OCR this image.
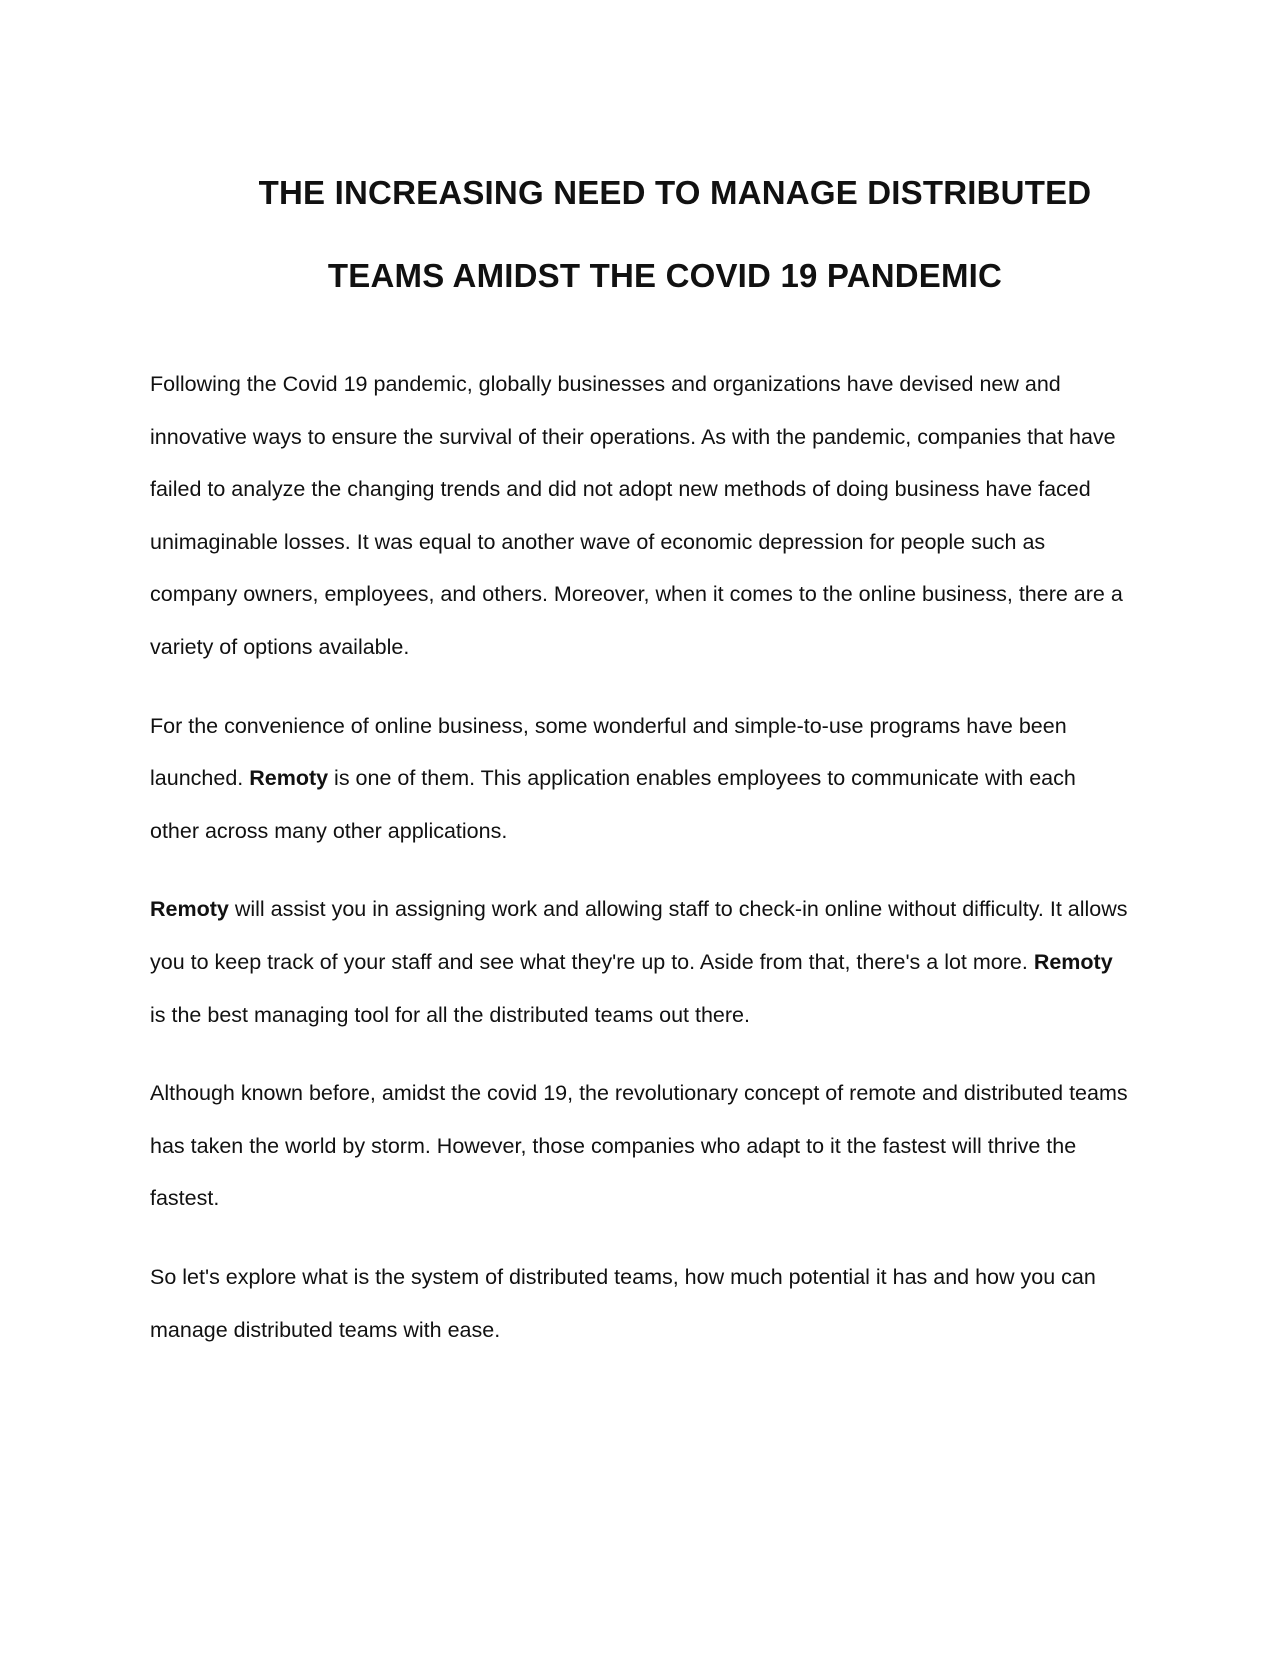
THE INCREASING NEED TO MANAGE DISTRIBUTED
TEAMS AMIDST THE COVID 19 PANDEMIC

Following the Covid 19 pandemic, globally businesses and organizations have devised new and innovative ways to ensure the survival of their operations. As with the pandemic, companies that have failed to analyze the changing trends and did not adopt new methods of doing business have faced unimaginable losses. It was equal to another wave of economic depression for people such as company owners, employees, and others. Moreover, when it comes to the online business, there are a variety of options available.

For the convenience of online business, some wonderful and simple-to-use programs have been launched. Remoty is one of them. This application enables employees to communicate with each other across many other applications.

Remoty will assist you in assigning work and allowing staff to check-in online without difficulty. It allows you to keep track of your staff and see what they're up to. Aside from that, there's a lot more. Remoty is the best managing tool for all the distributed teams out there.

Although known before, amidst the covid 19, the revolutionary concept of remote and distributed teams has taken the world by storm. However, those companies who adapt to it the fastest will thrive the fastest.

So let's explore what is the system of distributed teams, how much potential it has and how you can manage distributed teams with ease.
